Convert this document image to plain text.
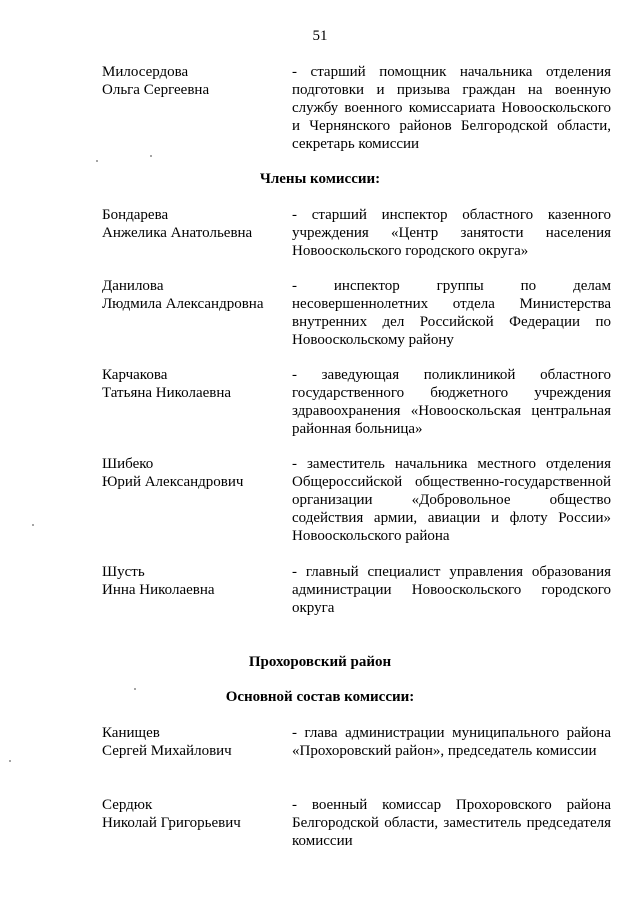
51
Милосердова
Ольга Сергеевна
- старший помощник начальника отделения подготовки и призыва граждан на военную службу военного комиссариата Новооскольского и Чернянского районов Белгородской области, секретарь комиссии
Члены комиссии:
Бондарева
Анжелика Анатольевна
- старший инспектор областного казенного учреждения «Центр занятости населения Новооскольского городского округа»
Данилова
Людмила Александровна
- инспектор группы по делам несовершеннолетних отдела Министерства внутренних дел Российской Федерации по Новооскольскому району
Карчакова
Татьяна Николаевна
- заведующая поликлиникой областного государственного бюджетного учреждения здравоохранения «Новооскольская центральная районная больница»
Шибеко
Юрий Александрович
- заместитель начальника местного отделения Общероссийской общественно-государственной организации «Добровольное общество содействия армии, авиации и флоту России» Новооскольского района
Шусть
Инна Николаевна
- главный специалист управления образования администрации Новооскольского городского округа
Прохоровский район
Основной состав комиссии:
Канищев
Сергей Михайлович
- глава администрации муниципального района «Прохоровский район», председатель комиссии
Сердюк
Николай Григорьевич
- военный комиссар Прохоровского района Белгородской области, заместитель председателя комиссии
